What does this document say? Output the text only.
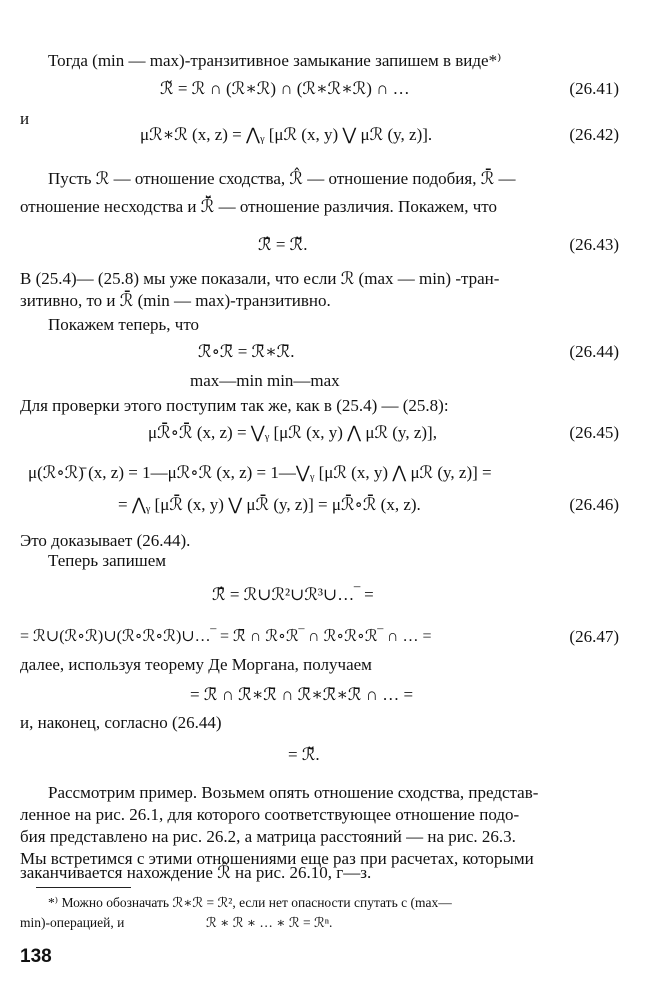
Тогда (min — max)-транзитивное замыкание запишем в виде*⁾
ℛ̌ = ℛ ∩ (ℛ∗ℛ) ∩ (ℛ∗ℛ∗ℛ) ∩ …	(26.41)
и
μℛ∗ℛ (x, z) = ⋀ᵧ [μℛ (x, y) ⋁ μℛ (y, z)].	(26.42)
Пусть ℛ — отношение сходства, ℛ̂ — отношение подобия, ℛ̄ —
отношение несходства и ℛ̄̌ — отношение различия. Покажем, что
ℛ̂̄ = ℛ̄̌.	(26.43)
В (25.4)— (25.8) мы уже показали, что если ℛ (max — min) -тран-
зитивно, то и ℛ̄ (min — max)-транзитивно.
Покажем теперь, что
ℛ̄∘ℛ̄ = ℛ̄∗ℛ̄.	(26.44)
max—min min—max
Для проверки этого поступим так же, как в (25.4) — (25.8):
μℛ̄∘ℛ̄ (x, z) = ⋁ᵧ [μℛ (x, y) ⋀ μℛ (y, z)],	(26.45)
μ(ℛ∘ℛ)̄ (x, z) = 1—μℛ∘ℛ (x, z) = 1—⋁ᵧ [μℛ (x, y) ⋀ μℛ (y, z)] =
= ⋀ᵧ [μℛ̄ (x, y) ⋁ μℛ̄ (y, z)] = μℛ̄∘ℛ̄ (x, z).	(26.46)
Это доказывает (26.44).
Теперь запишем
ℛ̂̄ = ℛ∪ℛ²∪ℛ³∪…‾ =
= ℛ∪(ℛ∘ℛ)∪(ℛ∘ℛ∘ℛ)∪…‾ = ℛ̄ ∩ ℛ∘ℛ‾ ∩ ℛ∘ℛ∘ℛ‾ ∩ … =	(26.47)
далее, используя теорему Де Моргана, получаем
= ℛ̄ ∩ ℛ̄∗ℛ̄ ∩ ℛ̄∗ℛ̄∗ℛ̄ ∩ … =
и, наконец, согласно (26.44)
= ℛ̄̌.
Рассмотрим пример. Возьмем опять отношение сходства, представ-
ленное на рис. 26.1, для которого соответствующее отношение подо-
бия представлено на рис. 26.2, а матрица расстояний — на рис. 26.3.
Мы встретимся с этими отношениями еще раз при расчетах, которыми
заканчивается нахождение ℛ̂ на рис. 26.10, г—з.
*⁾ Можно обозначать ℛ∗ℛ = ℛ², если нет опасности спутать с (max—
min)-операцией, и	ℛ ∗ ℛ ∗ … ∗ ℛ = ℛⁿ.
138
